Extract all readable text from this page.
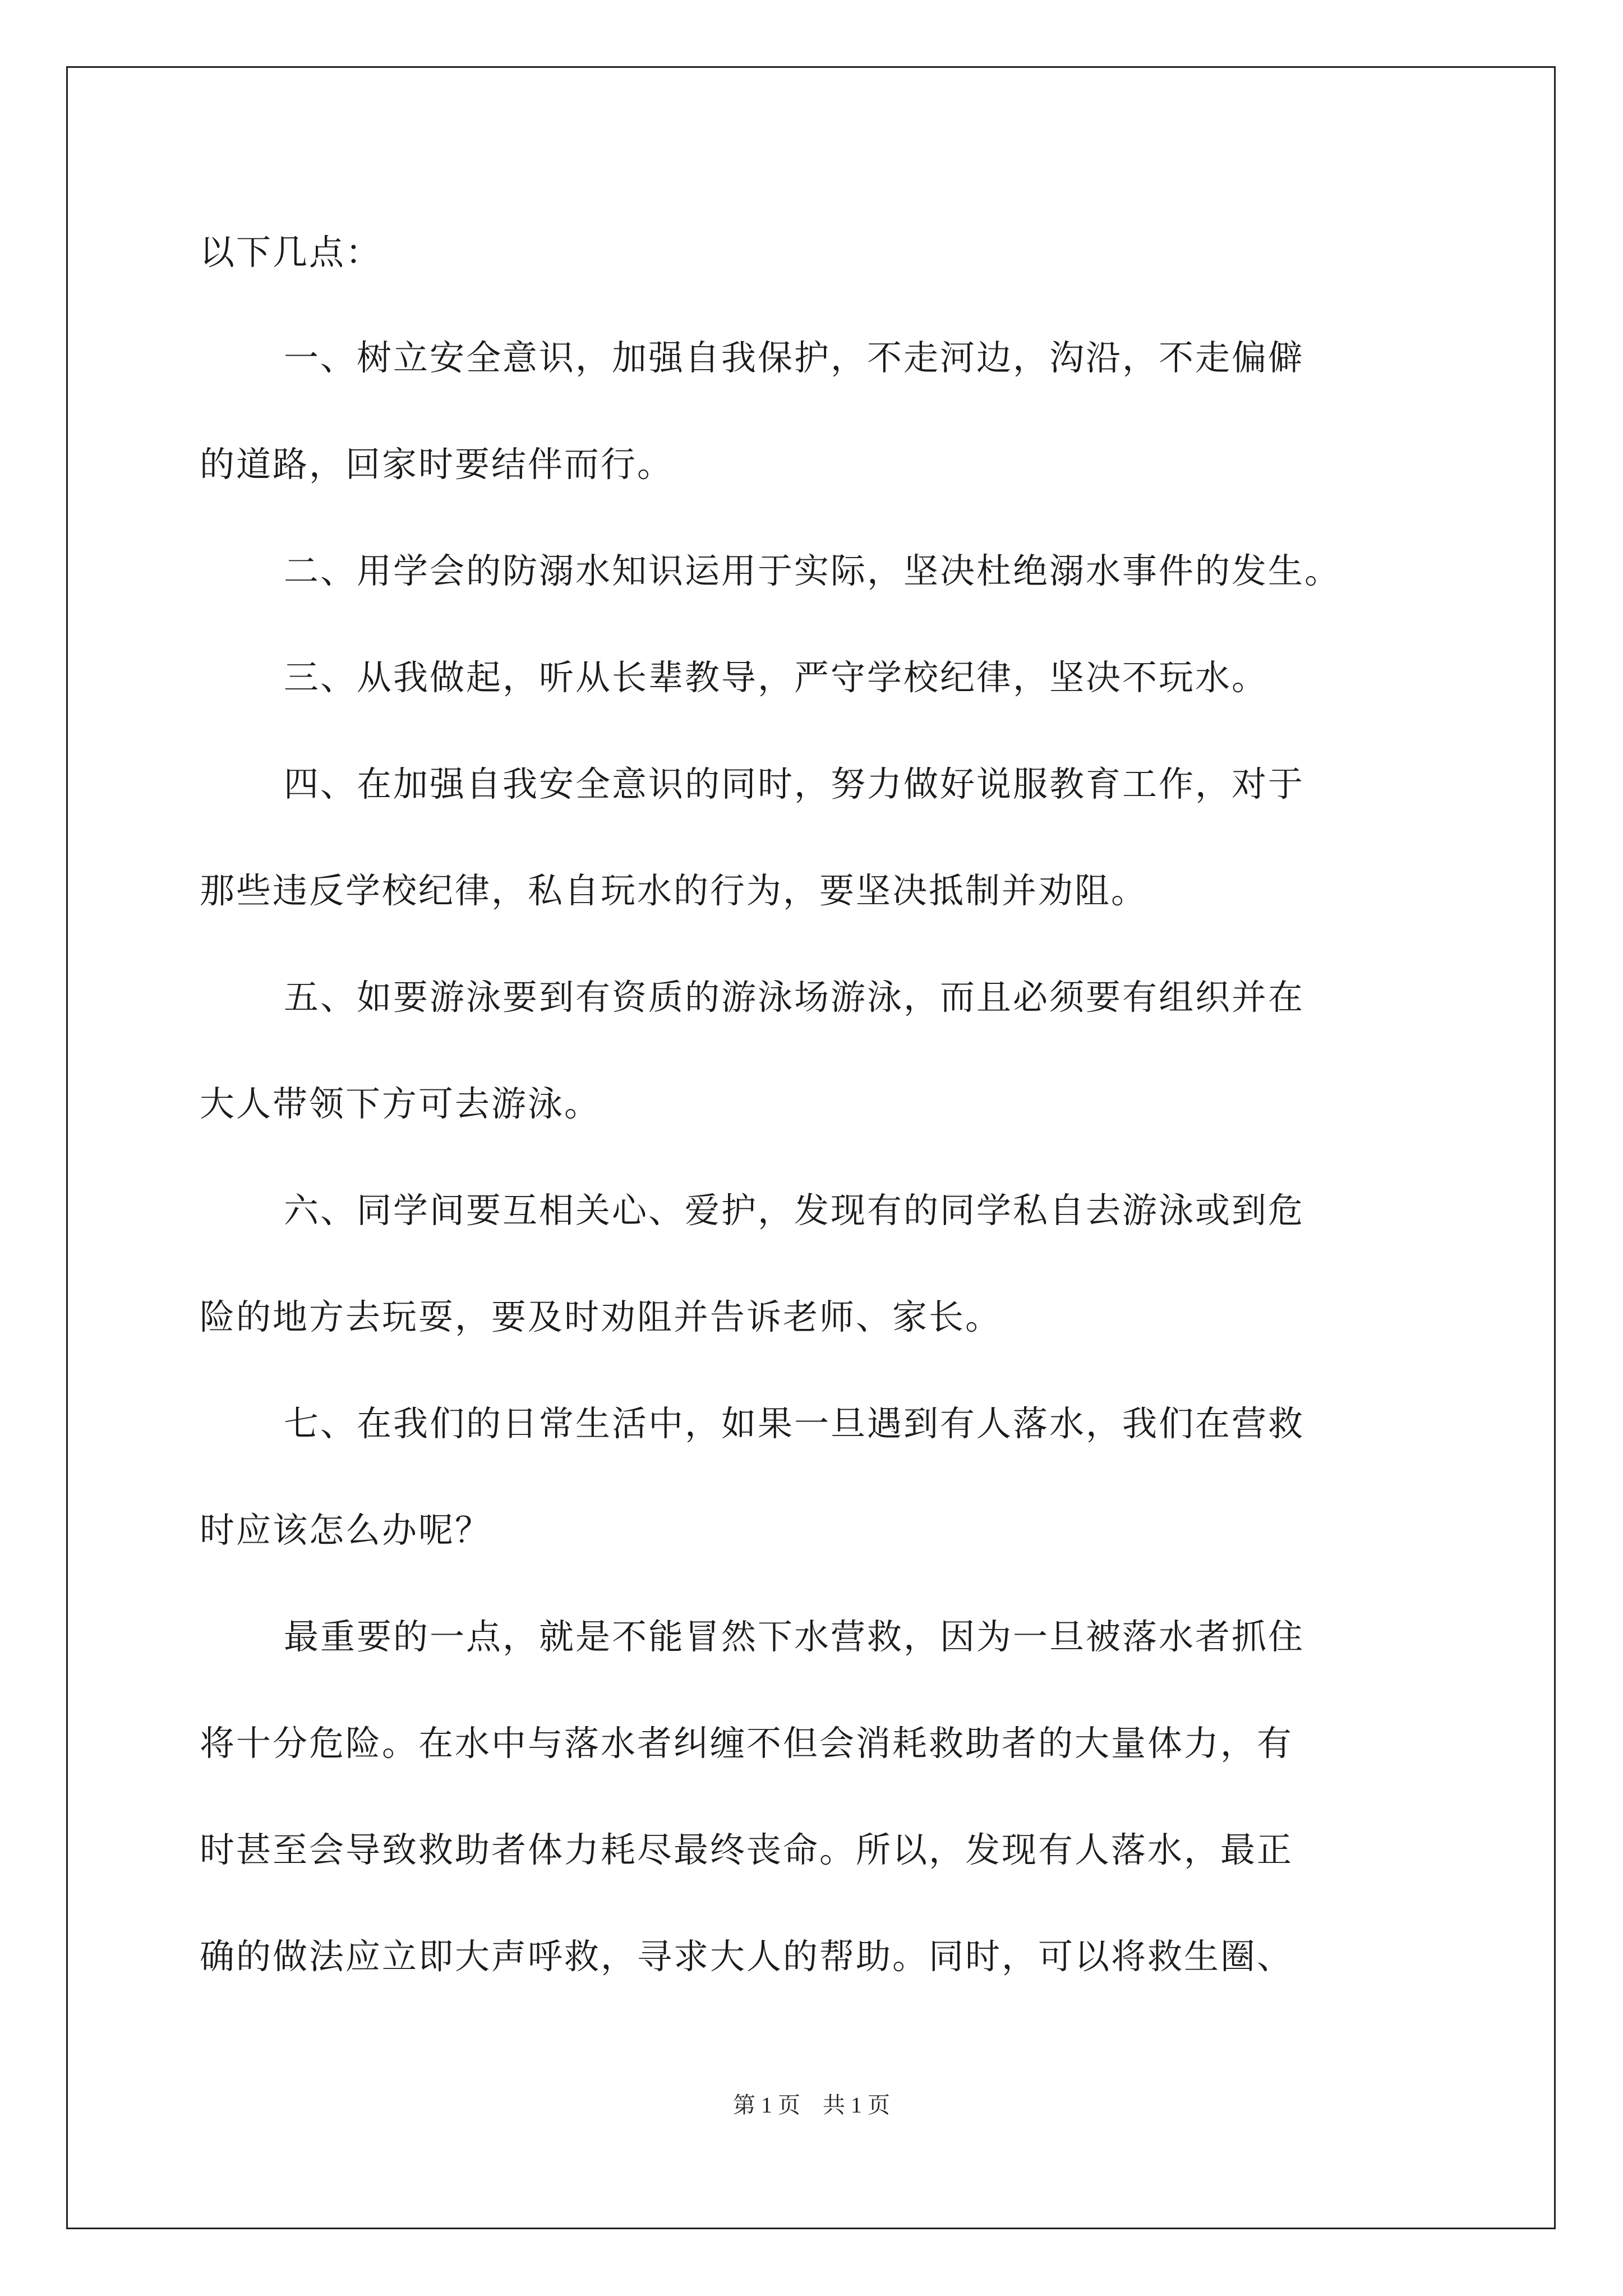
以下几点：
一、树立安全意识，加强自我保护，不走河边，沟沿，不走偏僻
的道路，回家时要结伴而行。
二、用学会的防溺水知识运用于实际，坚决杜绝溺水事件的发生。
三、从我做起，听从长辈教导，严守学校纪律，坚决不玩水。
四、在加强自我安全意识的同时，努力做好说服教育工作，对于
那些违反学校纪律，私自玩水的行为，要坚决抵制并劝阻。
五、如要游泳要到有资质的游泳场游泳，而且必须要有组织并在
大人带领下方可去游泳。
六、同学间要互相关心、爱护，发现有的同学私自去游泳或到危
险的地方去玩耍，要及时劝阻并告诉老师、家长。
七、在我们的日常生活中，如果一旦遇到有人落水，我们在营救
时应该怎么办呢？
最重要的一点，就是不能冒然下水营救，因为一旦被落水者抓住
将十分危险。在水中与落水者纠缠不但会消耗救助者的大量体力，有
时甚至会导致救助者体力耗尽最终丧命。所以，发现有人落水，最正
确的做法应立即大声呼救，寻求大人的帮助。同时，可以将救生圈、
第 1 页　共 1 页
